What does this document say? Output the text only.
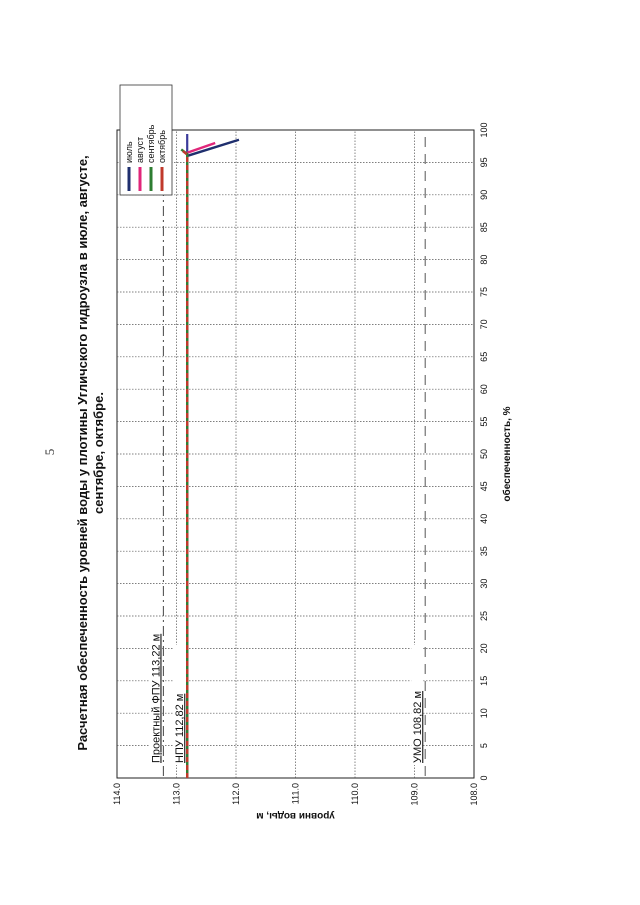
5 Расчетная обеспеченность уровней воды у плотины Угличского гидроузла в июле, августе, сентябре, октябре.
Проектный ФПУ 113,22 м НПУ 112,82 м	УМО 108,82 м
0
5
10
15
20
25
30
35
40
45
50
55
60
65
70
75
80
85
90
95
100
108.0
109.0
110.0
111.0
112.0
113.0
114.0
обеспеченность, %
уровни воды, м
июль август сентябрь октябрь
